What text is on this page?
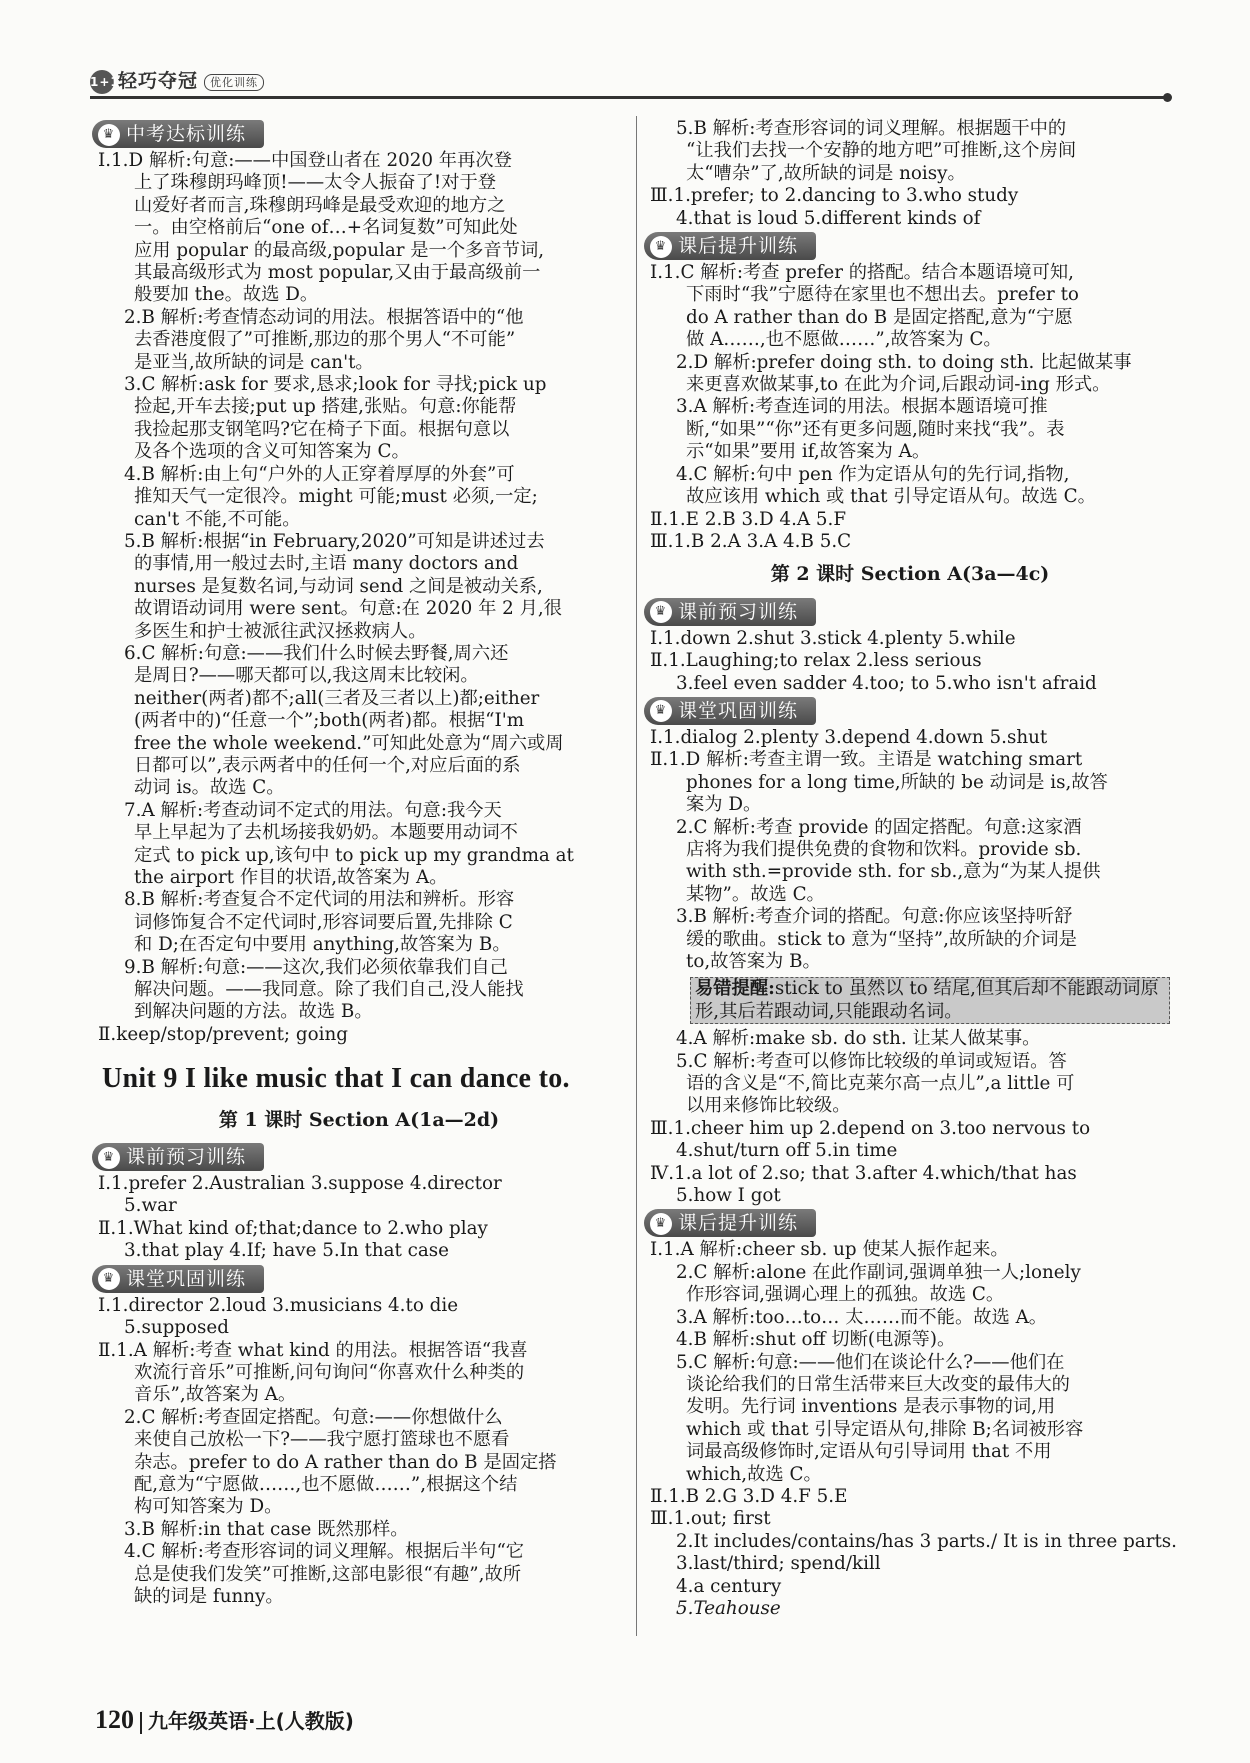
1+1轻巧夺冠 优化训练
♛ 中考达标训练
Ⅰ.1.D 解析:句意:——中国登山者在 2020 年再次登
上了珠穆朗玛峰顶!——太令人振奋了!对于登
山爱好者而言,珠穆朗玛峰是最受欢迎的地方之
一。由空格前后“one of…+名词复数”可知此处
应用 popular 的最高级,popular 是一个多音节词,
其最高级形式为 most popular,又由于最高级前一
般要加 the。故选 D。
2.B 解析:考查情态动词的用法。根据答语中的“他
去香港度假了”可推断,那边的那个男人“不可能”
是亚当,故所缺的词是 can't。
3.C 解析:ask for 要求,恳求;look for 寻找;pick up
捡起,开车去接;put up 搭建,张贴。句意:你能帮
我捡起那支钢笔吗?它在椅子下面。根据句意以
及各个选项的含义可知答案为 C。
4.B 解析:由上句“户外的人正穿着厚厚的外套”可
推知天气一定很冷。might 可能;must 必须,一定;
can't 不能,不可能。
5.B 解析:根据“in February,2020”可知是讲述过去
的事情,用一般过去时,主语 many doctors and
nurses 是复数名词,与动词 send 之间是被动关系,
故谓语动词用 were sent。句意:在 2020 年 2 月,很
多医生和护士被派往武汉拯救病人。
6.C 解析:句意:——我们什么时候去野餐,周六还
是周日?——哪天都可以,我这周末比较闲。
neither(两者)都不;all(三者及三者以上)都;either
(两者中的)“任意一个”;both(两者)都。根据“I'm
free the whole weekend.”可知此处意为“周六或周
日都可以”,表示两者中的任何一个,对应后面的系
动词 is。故选 C。
7.A 解析:考查动词不定式的用法。句意:我今天
早上早起为了去机场接我奶奶。本题要用动词不
定式 to pick up,该句中 to pick up my grandma at
the airport 作目的状语,故答案为 A。
8.B 解析:考查复合不定代词的用法和辨析。形容
词修饰复合不定代词时,形容词要后置,先排除 C
和 D;在否定句中要用 anything,故答案为 B。
9.B 解析:句意:——这次,我们必须依靠我们自己
解决问题。——我同意。除了我们自己,没人能找
到解决问题的方法。故选 B。
Ⅱ.keep/stop/prevent; going
Unit 9 I like music that I can dance to.
第 1 课时 Section A(1a—2d)
♛ 课前预习训练
Ⅰ.1.prefer 2.Australian 3.suppose 4.director
5.war
Ⅱ.1.What kind of;that;dance to 2.who play
3.that play 4.If; have 5.In that case
♛ 课堂巩固训练
Ⅰ.1.director 2.loud 3.musicians 4.to die
5.supposed
Ⅱ.1.A 解析:考查 what kind 的用法。根据答语“我喜
欢流行音乐”可推断,问句询问“你喜欢什么种类的
音乐”,故答案为 A。
2.C 解析:考查固定搭配。句意:——你想做什么
来使自己放松一下?——我宁愿打篮球也不愿看
杂志。prefer to do A rather than do B 是固定搭
配,意为“宁愿做……,也不愿做……”,根据这个结
构可知答案为 D。
3.B 解析:in that case 既然那样。
4.C 解析:考查形容词的词义理解。根据后半句“它
总是使我们发笑”可推断,这部电影很“有趣”,故所
缺的词是 funny。
5.B 解析:考查形容词的词义理解。根据题干中的
“让我们去找一个安静的地方吧”可推断,这个房间
太“嘈杂”了,故所缺的词是 noisy。
Ⅲ.1.prefer; to 2.dancing to 3.who study
4.that is loud 5.different kinds of
♛ 课后提升训练
Ⅰ.1.C 解析:考查 prefer 的搭配。结合本题语境可知,
下雨时“我”宁愿待在家里也不想出去。prefer to
do A rather than do B 是固定搭配,意为“宁愿
做 A……,也不愿做……”,故答案为 C。
2.D 解析:prefer doing sth. to doing sth. 比起做某事
来更喜欢做某事,to 在此为介词,后跟动词-ing 形式。
3.A 解析:考查连词的用法。根据本题语境可推
断,“如果”“你”还有更多问题,随时来找“我”。表
示“如果”要用 if,故答案为 A。
4.C 解析:句中 pen 作为定语从句的先行词,指物,
故应该用 which 或 that 引导定语从句。故选 C。
Ⅱ.1.E 2.B 3.D 4.A 5.F
Ⅲ.1.B 2.A 3.A 4.B 5.C
第 2 课时 Section A(3a—4c)
♛ 课前预习训练
Ⅰ.1.down 2.shut 3.stick 4.plenty 5.while
Ⅱ.1.Laughing;to relax 2.less serious
3.feel even sadder 4.too; to 5.who isn't afraid
♛ 课堂巩固训练
Ⅰ.1.dialog 2.plenty 3.depend 4.down 5.shut
Ⅱ.1.D 解析:考查主谓一致。主语是 watching smart
phones for a long time,所缺的 be 动词是 is,故答
案为 D。
2.C 解析:考查 provide 的固定搭配。句意:这家酒
店将为我们提供免费的食物和饮料。provide sb.
with sth.=provide sth. for sb.,意为“为某人提供
某物”。故选 C。
3.B 解析:考查介词的搭配。句意:你应该坚持听舒
缓的歌曲。stick to 意为“坚持”,故所缺的介词是
to,故答案为 B。
易错提醒:stick to 虽然以 to 结尾,但其后却不能跟动词原形,其后若跟动词,只能跟动名词。
4.A 解析:make sb. do sth. 让某人做某事。
5.C 解析:考查可以修饰比较级的单词或短语。答
语的含义是“不,简比克莱尔高一点儿”,a little 可
以用来修饰比较级。
Ⅲ.1.cheer him up 2.depend on 3.too nervous to
4.shut/turn off 5.in time
Ⅳ.1.a lot of 2.so; that 3.after 4.which/that has
5.how I got
♛ 课后提升训练
Ⅰ.1.A 解析:cheer sb. up 使某人振作起来。
2.C 解析:alone 在此作副词,强调单独一人;lonely
作形容词,强调心理上的孤独。故选 C。
3.A 解析:too…to… 太……而不能。故选 A。
4.B 解析:shut off 切断(电源等)。
5.C 解析:句意:——他们在谈论什么?——他们在
谈论给我们的日常生活带来巨大改变的最伟大的
发明。先行词 inventions 是表示事物的词,用
which 或 that 引导定语从句,排除 B;名词被形容
词最高级修饰时,定语从句引导词用 that 不用
which,故选 C。
Ⅱ.1.B 2.G 3.D 4.F 5.E
Ⅲ.1.out; first
2.It includes/contains/has 3 parts./ It is in three parts.
3.last/third; spend/kill
4.a century
5.Teahouse
120 九年级英语·上(人教版)
